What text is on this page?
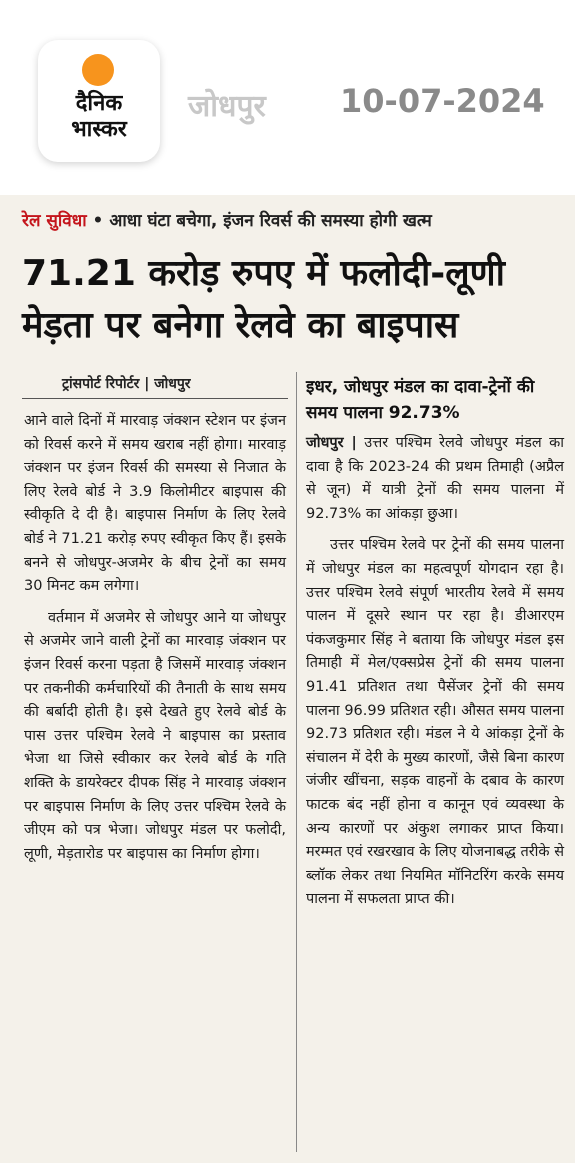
दैनिक
भास्कर
जोधपुर 10-07-2024
रेल सुविधा • आधा घंटा बचेगा, इंजन रिवर्स की समस्या होगी खत्म
71.21 करोड़ रुपए में फलोदी-लूणी
मेड़ता पर बनेगा रेलवे का बाइपास
ट्रांसपोर्ट रिपोर्टर | जोधपुर

आने वाले दिनों में मारवाड़ जंक्शन स्टेशन पर इंजन को रिवर्स करने में समय खराब नहीं होगा। मारवाड़ जंक्शन पर इंजन रिवर्स की समस्या से निजात के लिए रेलवे बोर्ड ने 3.9 किलोमीटर बाइपास की स्वीकृति दे दी है। बाइपास निर्माण के लिए रेलवे बोर्ड ने 71.21 करोड़ रुपए स्वीकृत किए हैं। इसके बनने से जोधपुर-अजमेर के बीच ट्रेनों का समय 30 मिनट कम लगेगा।

वर्तमान में अजमेर से जोधपुर आने या जोधपुर से अजमेर जाने वाली ट्रेनों का मारवाड़ जंक्शन पर इंजन रिवर्स करना पड़ता है जिसमें मारवाड़ जंक्शन पर तकनीकी कर्मचारियों की तैनाती के साथ समय की बर्बादी होती है। इसे देखते हुए रेलवे बोर्ड के पास उत्तर पश्चिम रेलवे ने बाइपास का प्रस्ताव भेजा था जिसे स्वीकार कर रेलवे बोर्ड के गति शक्ति के डायरेक्टर दीपक सिंह ने मारवाड़ जंक्शन पर बाइपास निर्माण के लिए उत्तर पश्चिम रेलवे के जीएम को पत्र भेजा। जोधपुर मंडल पर फलोदी, लूणी, मेड़तारोड पर बाइपास का निर्माण होगा।

इधर, जोधपुर मंडल का दावा-ट्रेनों की समय पालना 92.73%

जोधपुर | उत्तर पश्चिम रेलवे जोधपुर मंडल का दावा है कि 2023-24 की प्रथम तिमाही (अप्रैल से जून) में यात्री ट्रेनों की समय पालना में 92.73% का आंकड़ा छुआ।

उत्तर पश्चिम रेलवे पर ट्रेनों की समय पालना में जोधपुर मंडल का महत्वपूर्ण योगदान रहा है। उत्तर पश्चिम रेलवे संपूर्ण भारतीय रेलवे में समय पालन में दूसरे स्थान पर रहा है। डीआरएम पंकजकुमार सिंह ने बताया कि जोधपुर मंडल इस तिमाही में मेल/एक्सप्रेस ट्रेनों की समय पालना 91.41 प्रतिशत तथा पैसेंजर ट्रेनों की समय पालना 96.99 प्रतिशत रही। औसत समय पालना 92.73 प्रतिशत रही। मंडल ने ये आंकड़ा ट्रेनों के संचालन में देरी के मुख्य कारणों, जैसे बिना कारण जंजीर खींचना, सड़क वाहनों के दबाव के कारण फाटक बंद नहीं होना व कानून एवं व्यवस्था के अन्य कारणों पर अंकुश लगाकर प्राप्त किया। मरम्मत एवं रखरखाव के लिए योजनाबद्ध तरीके से ब्लॉक लेकर तथा नियमित मॉनिटरिंग करके समय पालना में सफलता प्राप्त की।
